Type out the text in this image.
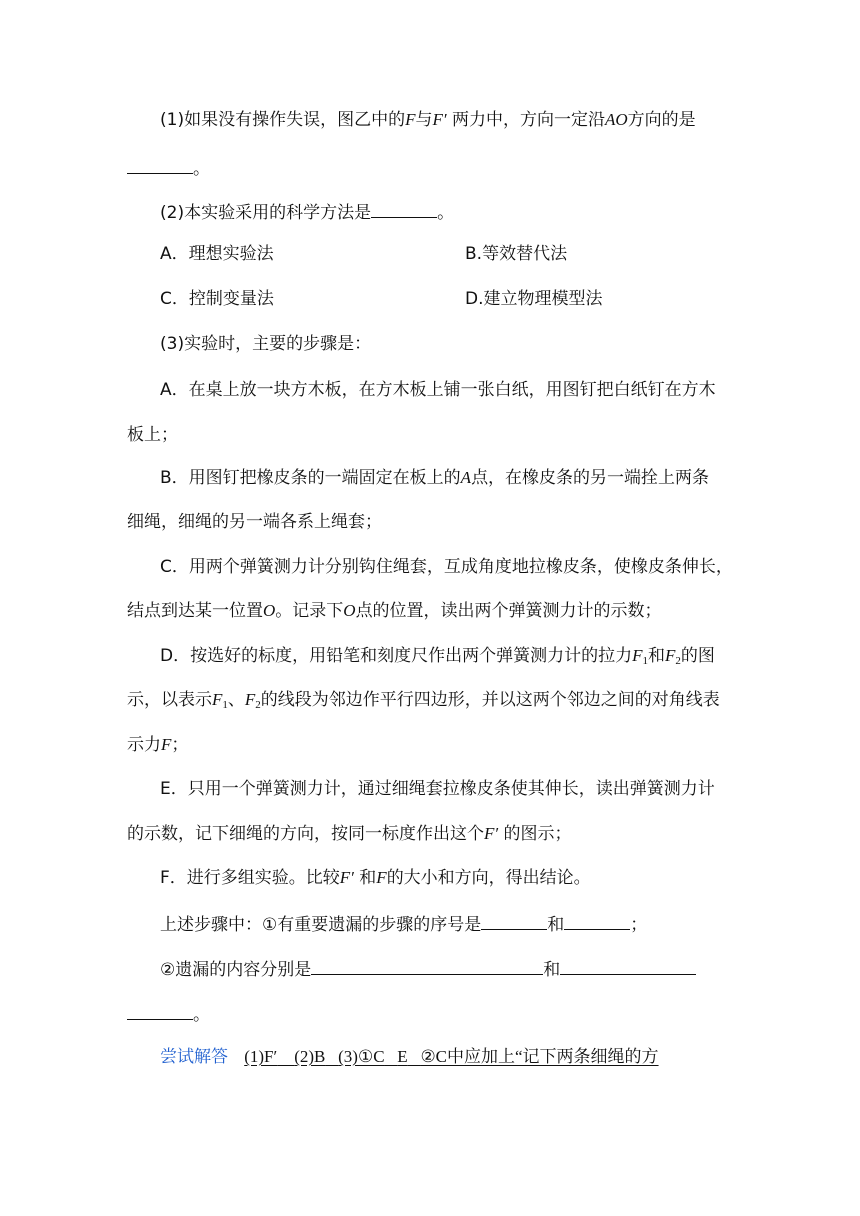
(1)如果没有操作失误，图乙中的F与F′ 两力中，方向一定沿AO方向的是
。
(2)本实验采用的科学方法是	。
A．理想实验法	B.等效替代法
C．控制变量法	D.建立物理模型法
(3)实验时，主要的步骤是：
A．在桌上放一块方木板，在方木板上铺一张白纸，用图钉把白纸钉在方木
板上；
B．用图钉把橡皮条的一端固定在板上的A点，在橡皮条的另一端拴上两条
细绳，细绳的另一端各系上绳套；
C．用两个弹簧测力计分别钩住绳套，互成角度地拉橡皮条，使橡皮条伸长，
结点到达某一位置O。记录下O点的位置，读出两个弹簧测力计的示数；
D．按选好的标度，用铅笔和刻度尺作出两个弹簧测力计的拉力$F_1$和$F_2$的图
示，以表示$F_1$、$F_2$的线段为邻边作平行四边形，并以这两个邻边之间的对角线表
示力F；
E．只用一个弹簧测力计，通过细绳套拉橡皮条使其伸长，读出弹簧测力计
的示数，记下细绳的方向，按同一标度作出这个F′ 的图示；
F．进行多组实验。比较F′ 和F的大小和方向，得出结论。
上述步骤中：①有重要遗漏的步骤的序号是	和	；
②遗漏的内容分别是	和
。
尝试解答 (1)F′ (2)B (3)①C E ②C中应加上“记下两条细绳的方
